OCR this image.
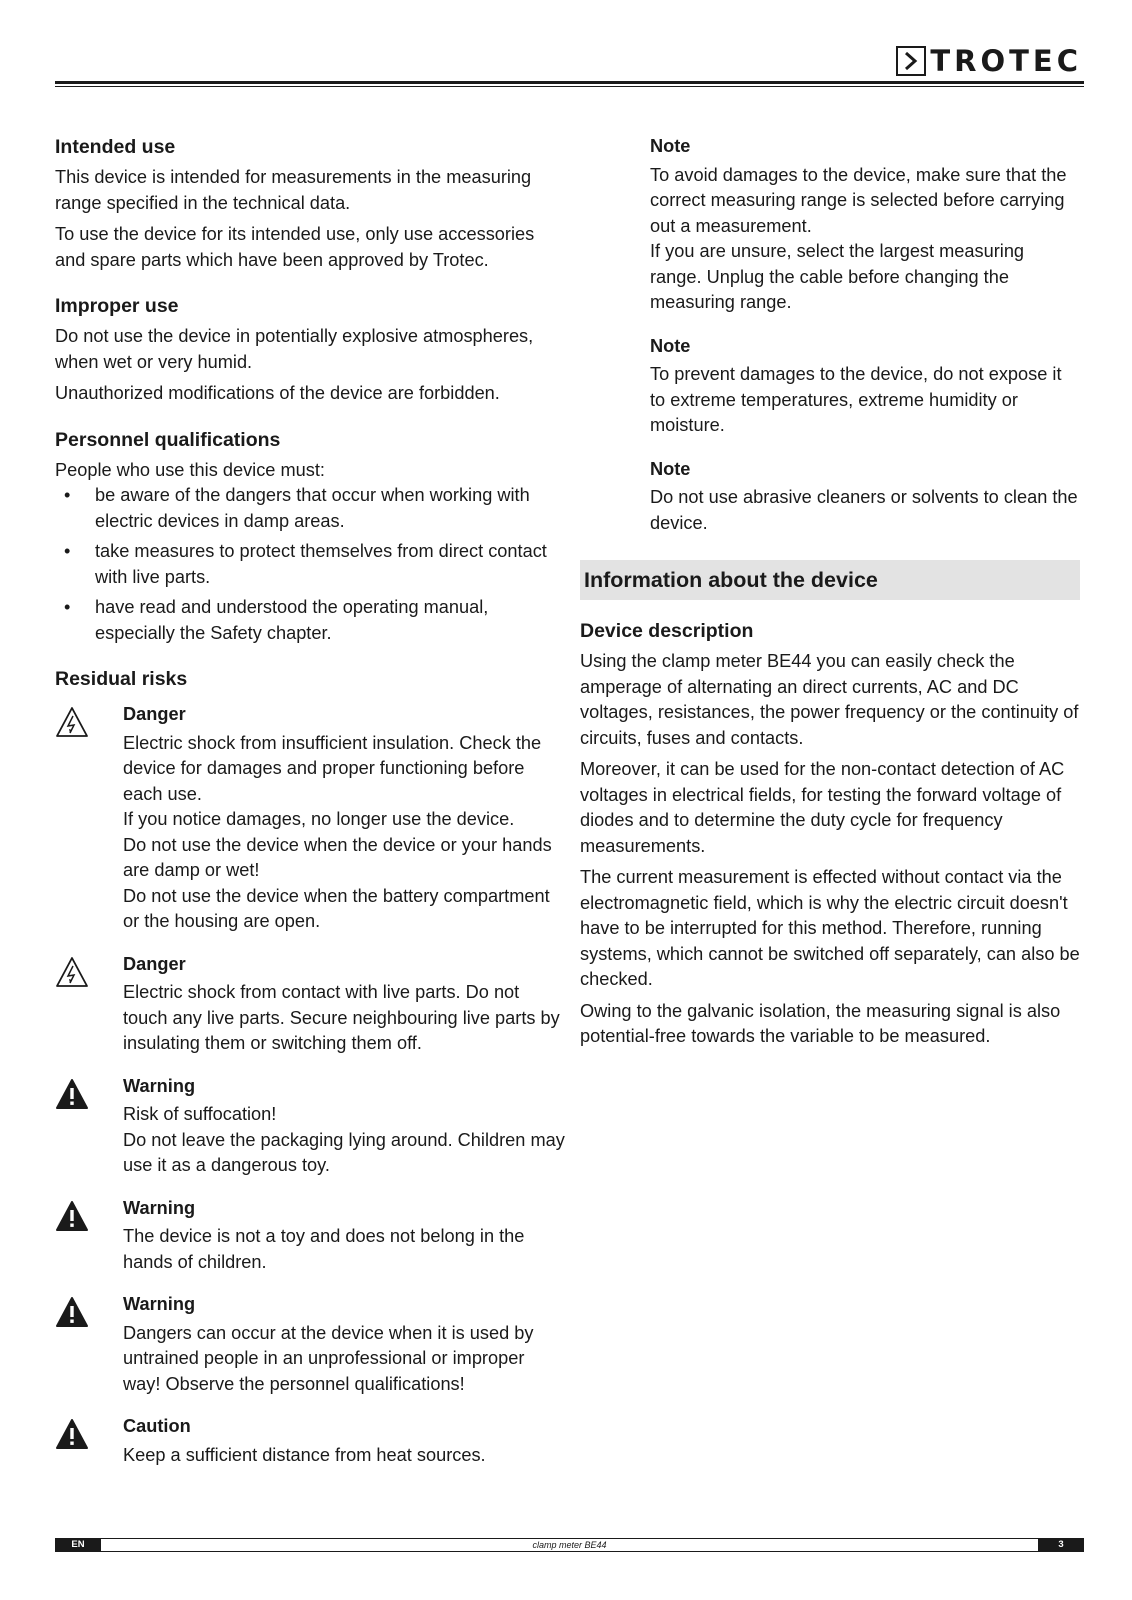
TROTEC
Intended use

This device is intended for measurements in the measuring range specified in the technical data.

To use the device for its intended use, only use accessories and spare parts which have been approved by Trotec.

Improper use

Do not use the device in potentially explosive atmospheres, when wet or very humid.

Unauthorized modifications of the device are forbidden.

Personnel qualifications

People who use this device must:

• be aware of the dangers that occur when working with electric devices in damp areas.
• take measures to protect themselves from direct contact with live parts.
• have read and understood the operating manual, especially the Safety chapter.
Residual risks
Danger
Electric shock from insufficient insulation. Check the device for damages and proper functioning before each use.
If you notice damages, no longer use the device.
Do not use the device when the device or your hands are damp or wet!
Do not use the device when the battery compartment or the housing are open.
Danger
Electric shock from contact with live parts. Do not touch any live parts. Secure neighbouring live parts by insulating them or switching them off.
Warning
Risk of suffocation!
Do not leave the packaging lying around. Children may use it as a dangerous toy.
Warning
The device is not a toy and does not belong in the hands of children.
Warning
Dangers can occur at the device when it is used by untrained people in an unprofessional or improper way! Observe the personnel qualifications!
Caution
Keep a sufficient distance from heat sources.
Note
To avoid damages to the device, make sure that the correct measuring range is selected before carrying out a measurement.
If you are unsure, select the largest measuring range. Unplug the cable before changing the measuring range.
Note
To prevent damages to the device, do not expose it to extreme temperatures, extreme humidity or moisture.
Note
Do not use abrasive cleaners or solvents to clean the device.
Information about the device
Device description

Using the clamp meter BE44 you can easily check the amperage of alternating an direct currents, AC and DC voltages, resistances, the power frequency or the continuity of circuits, fuses and contacts.

Moreover, it can be used for the non-contact detection of AC voltages in electrical fields, for testing the forward voltage of diodes and to determine the duty cycle for frequency measurements.

The current measurement is effected without contact via the electromagnetic field, which is why the electric circuit doesn't have to be interrupted for this method. Therefore, running systems, which cannot be switched off separately, can also be checked.

Owing to the galvanic isolation, the measuring signal is also potential-free towards the variable to be measured.

EN	clamp meter BE44	3
